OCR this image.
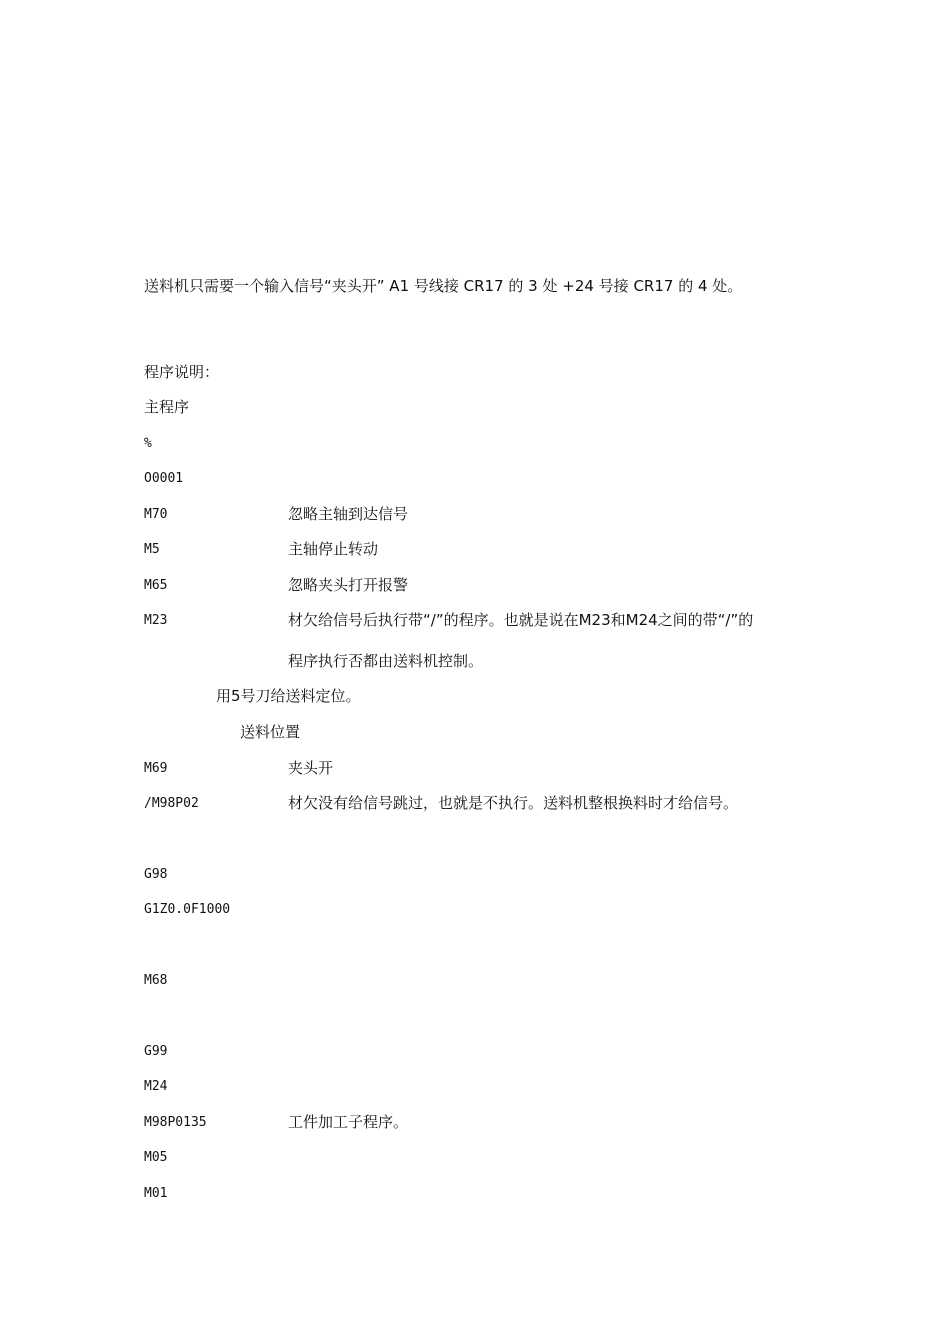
送料机只需要一个输入信号“夹头开” A1 号线接 CR17 的 3 处 +24 号接 CR17 的 4 处。
程序说明：
主程序
%
O0001
M70	忽略主轴到达信号
M5	主轴停止转动
M65	忽略夹头打开报警
M23	材欠给信号后执行带“/”的程序。也就是说在M23和M24之间的带“/”的
程序执行否都由送料机控制。
用5号刀给送料定位。
送料位置
M69	夹头开
/M98P02	材欠没有给信号跳过，也就是不执行。送料机整根换料时才给信号。
G98
G1Z0.0F1000
M68
G99
M24
M98P0135	工件加工子程序。
M05
M01
